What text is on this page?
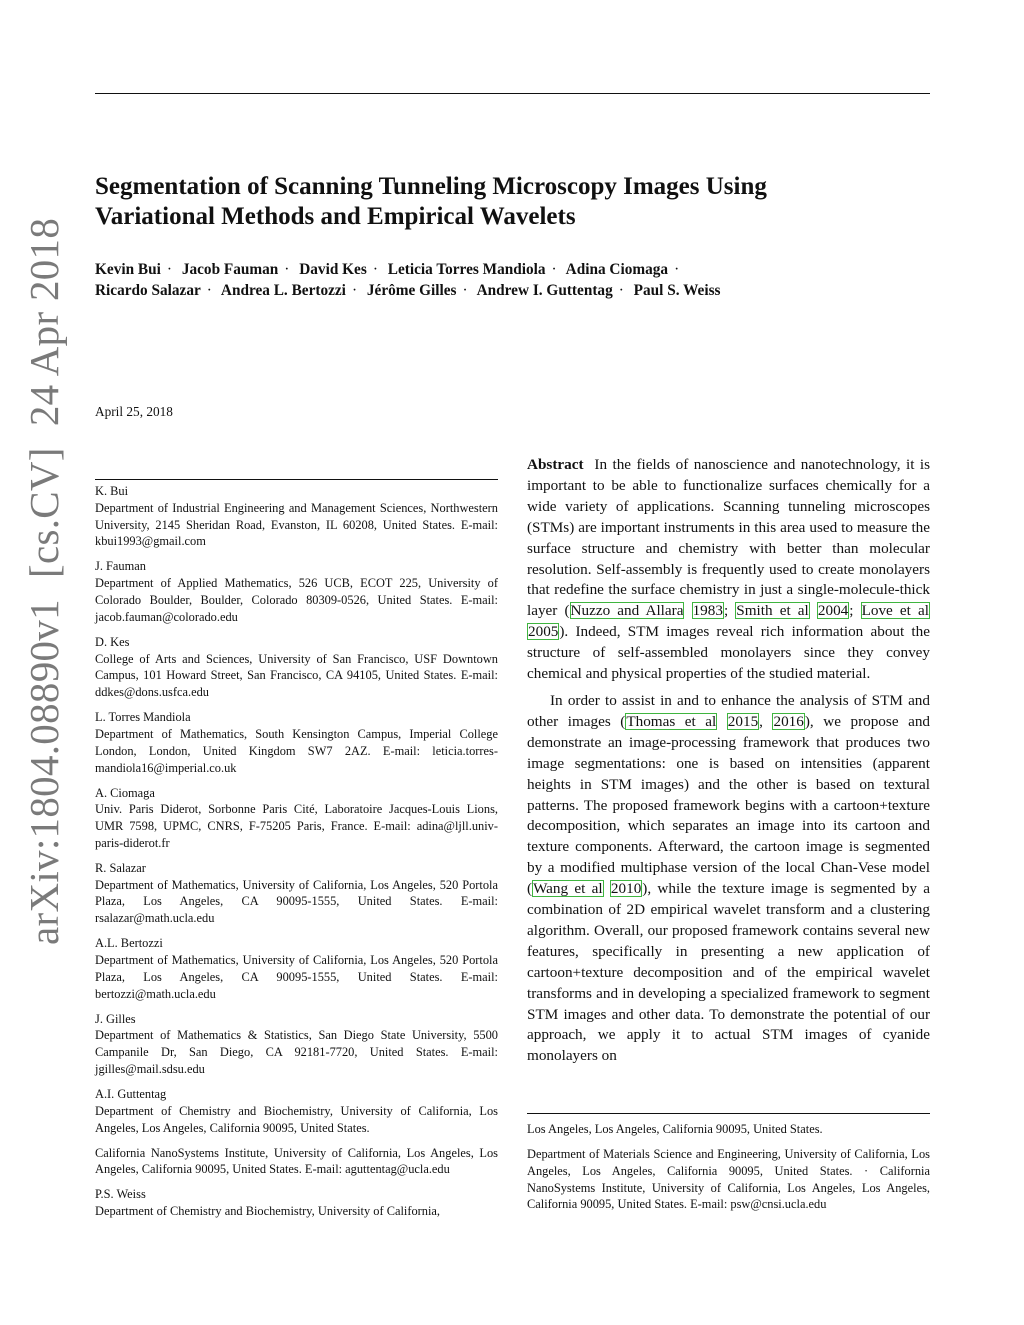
arXiv:1804.08890v1  [cs.CV]  24 Apr 2018
Segmentation of Scanning Tunneling Microscopy Images Using
Variational Methods and Empirical Wavelets
Kevin Bui · Jacob Fauman · David Kes · Leticia Torres Mandiola · Adina Ciomaga ·
Ricardo Salazar · Andrea L. Bertozzi · Jérôme Gilles · Andrew I. Guttentag · Paul S. Weiss
April 25, 2018
K. Bui
Department of Industrial Engineering and Management Sciences, Northwestern University, 2145 Sheridan Road, Evanston, IL 60208, United States. E-mail: kbui1993@gmail.com
J. Fauman
Department of Applied Mathematics, 526 UCB, ECOT 225, University of Colorado Boulder, Boulder, Colorado 80309-0526, United States. E-mail: jacob.fauman@colorado.edu
D. Kes
College of Arts and Sciences, University of San Francisco, USF Downtown Campus, 101 Howard Street, San Francisco, CA 94105, United States. E-mail: ddkes@dons.usfca.edu
L. Torres Mandiola
Department of Mathematics, South Kensington Campus, Imperial College London, London, United Kingdom SW7 2AZ. E-mail: leticia.torres-mandiola16@imperial.co.uk
A. Ciomaga
Univ. Paris Diderot, Sorbonne Paris Cité, Laboratoire Jacques-Louis Lions, UMR 7598, UPMC, CNRS, F-75205 Paris, France. E-mail: adina@ljll.univ-paris-diderot.fr
R. Salazar
Department of Mathematics, University of California, Los Angeles, 520 Portola Plaza, Los Angeles, CA 90095-1555, United States. E-mail: rsalazar@math.ucla.edu
A.L. Bertozzi
Department of Mathematics, University of California, Los Angeles, 520 Portola Plaza, Los Angeles, CA 90095-1555, United States. E-mail: bertozzi@math.ucla.edu
J. Gilles
Department of Mathematics & Statistics, San Diego State University, 5500 Campanile Dr, San Diego, CA 92181-7720, United States. E-mail: jgilles@mail.sdsu.edu
A.I. Guttentag
Department of Chemistry and Biochemistry, University of California, Los Angeles, Los Angeles, California 90095, United States.
California NanoSystems Institute, University of California, Los Angeles, Los Angeles, California 90095, United States. E-mail: aguttentag@ucla.edu
P.S. Weiss
Department of Chemistry and Biochemistry, University of California,

Abstract In the fields of nanoscience and nanotechnology, it is important to be able to functionalize surfaces chemically for a wide variety of applications. Scanning tunneling microscopes (STMs) are important instruments in this area used to measure the surface structure and chemistry with better than molecular resolution. Self-assembly is frequently used to create monolayers that redefine the surface chemistry in just a single-molecule-thick layer (Nuzzo and Allara 1983; Smith et al 2004; Love et al 2005). Indeed, STM images reveal rich information about the structure of self-assembled monolayers since they convey chemical and physical properties of the studied material.

In order to assist in and to enhance the analysis of STM and other images (Thomas et al 2015, 2016), we propose and demonstrate an image-processing framework that produces two image segmentations: one is based on intensities (apparent heights in STM images) and the other is based on textural patterns. The proposed framework begins with a cartoon+texture decomposition, which separates an image into its cartoon and texture components. Afterward, the cartoon image is segmented by a modified multiphase version of the local Chan-Vese model (Wang et al 2010), while the texture image is segmented by a combination of 2D empirical wavelet transform and a clustering algorithm. Overall, our proposed framework contains several new features, specifically in presenting a new application of cartoon+texture decomposition and of the empirical wavelet transforms and in developing a specialized framework to segment STM images and other data. To demonstrate the potential of our approach, we apply it to actual STM images of cyanide monolayers on

Los Angeles, Los Angeles, California 90095, United States.
Department of Materials Science and Engineering, University of California, Los Angeles, Los Angeles, California 90095, United States. · California NanoSystems Institute, University of California, Los Angeles, Los Angeles, California 90095, United States. E-mail: psw@cnsi.ucla.edu
